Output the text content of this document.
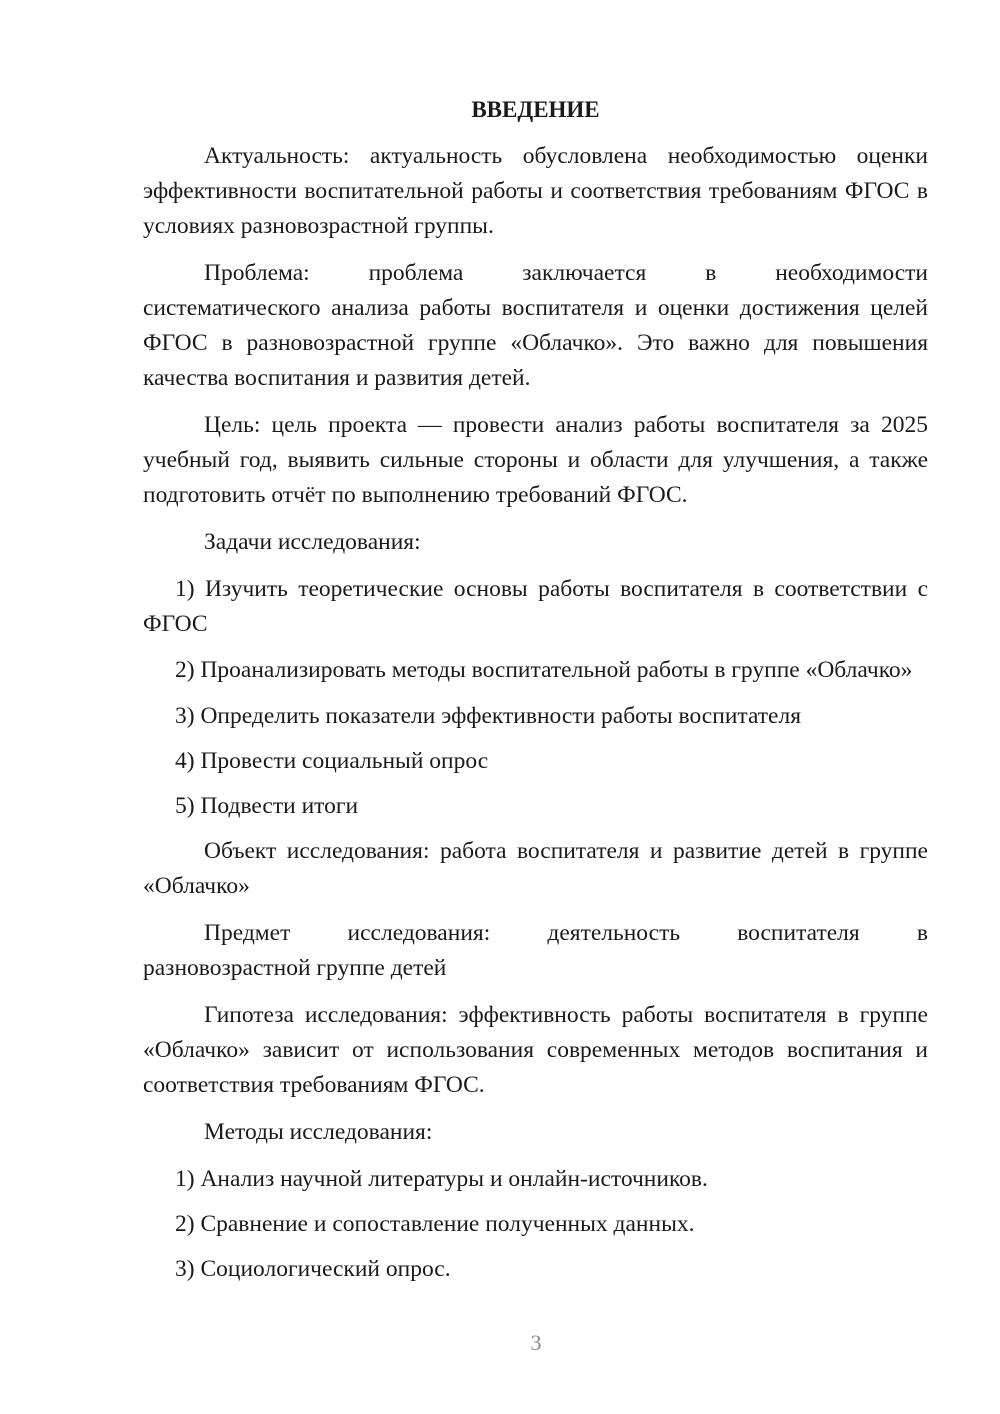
ВВЕДЕНИЕ
Актуальность: актуальность обусловлена необходимостью оценки эффективности воспитательной работы и соответствия требованиям ФГОС в условиях разновозрастной группы.
Проблема:	проблема	заключается	в	необходимости
систематического анализа работы воспитателя и оценки достижения целей ФГОС в разновозрастной группе «Облачко». Это важно для повышения качества воспитания и развития детей.
Цель: цель проекта — провести анализ работы воспитателя за 2025 учебный год, выявить сильные стороны и области для улучшения, а также подготовить отчёт по выполнению требований ФГОС.
Задачи исследования:
1) Изучить теоретические основы работы воспитателя в соответствии с ФГОС
2) Проанализировать методы воспитательной работы в группе «Облачко»
3) Определить показатели эффективности работы воспитателя
4) Провести социальный опрос
5) Подвести итоги
Объект исследования: работа воспитателя и развитие детей в группе «Облачко»
Предмет исследования: деятельность воспитателя в
разновозрастной группе детей
Гипотеза исследования: эффективность работы воспитателя в группе «Облачко» зависит от использования современных методов воспитания и соответствия требованиям ФГОС.
Методы исследования:
1) Анализ научной литературы и онлайн-источников.
2) Сравнение и сопоставление полученных данных.
3) Социологический опрос.
3
